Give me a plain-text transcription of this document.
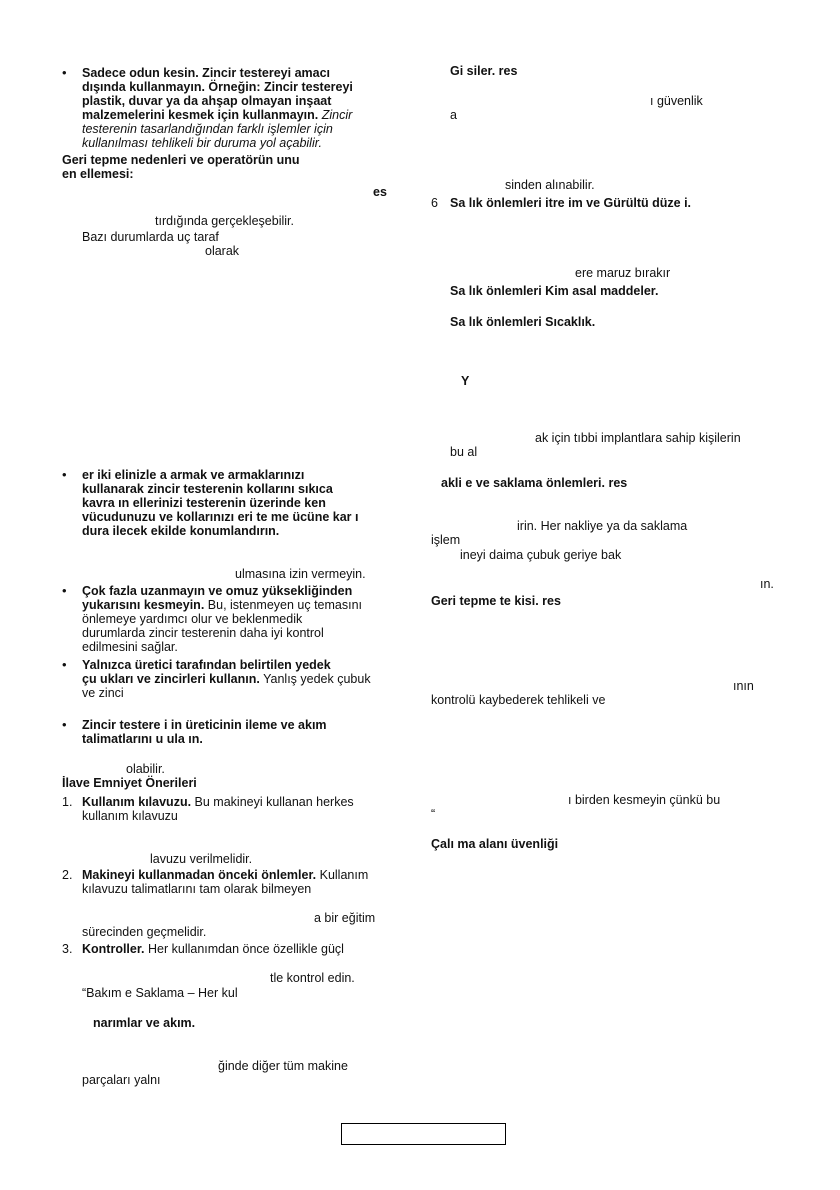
• Sadece odun kesin. Zincir testereyi amacı
dışında kullanmayın. Örneğin: Zincir testereyi
plastik, duvar ya da ahşap olmayan inşaat
malzemelerini kesmek için kullanmayın. Zincir
testerenin tasarlandığından farklı işlemler için
kullanılması tehlikeli bir duruma yol açabilir.
Geri tepme nedenleri ve operatörün unu
en ellemesi:
es
tırdığında gerçekleşebilir.
Bazı durumlarda uç taraf
olarak
• er iki elinizle a armak ve armaklarınızı
kullanarak zincir testerenin kollarını sıkıca
kavra ın ellerinizi testerenin üzerinde ken
vücudunuzu ve kollarınızı eri te me ücüne kar ı
dura ilecek ekilde konumlandırın.
ulmasına izin vermeyin.
• Çok fazla uzanmayın ve omuz yüksekliğinden
yukarısını kesmeyin. Bu, istenmeyen uç temasını
önlemeye yardımcı olur ve beklenmedik
durumlarda zincir testerenin daha iyi kontrol
edilmesini sağlar.
• Yalnızca üretici tarafından belirtilen yedek
çu ukları ve zincirleri kullanın. Yanlış yedek çubuk
ve zinci
• Zincir testere i in üreticinin ileme ve akım
talimatlarını u ula ın.
olabilir.
İlave Emniyet Önerileri
1. Kullanım kılavuzu. Bu makineyi kullanan herkes
kullanım kılavuzu
lavuzu verilmelidir.
2. Makineyi kullanmadan önceki önlemler. Kullanım
kılavuzu talimatlarını tam olarak bilmeyen
a bir eğitim
sürecinden geçmelidir.
3. Kontroller. Her kullanımdan önce özellikle güçl
tle kontrol edin.
“Bakım e Saklama – Her kul
narımlar ve akım.
ğinde diğer tüm makine
parçaları yalnı
Gi siler. res
ı güvenlik
a
sinden alınabilir.
6 Sa lık önlemleri itre im ve Gürültü düze i.
ere maruz bırakır
Sa lık önlemleri Kim asal maddeler.
Sa lık önlemleri Sıcaklık.
Y
ak için tıbbi implantlara sahip kişilerin
bu al
akli e ve saklama önlemleri. res
irin. Her nakliye ya da saklama
işlem
ineyi daima çubuk geriye bak
ın.
Geri tepme te kisi. res
ının
kontrolü kaybederek tehlikeli ve
ı birden kesmeyin çünkü bu
“
Çalı ma alanı üvenliği
